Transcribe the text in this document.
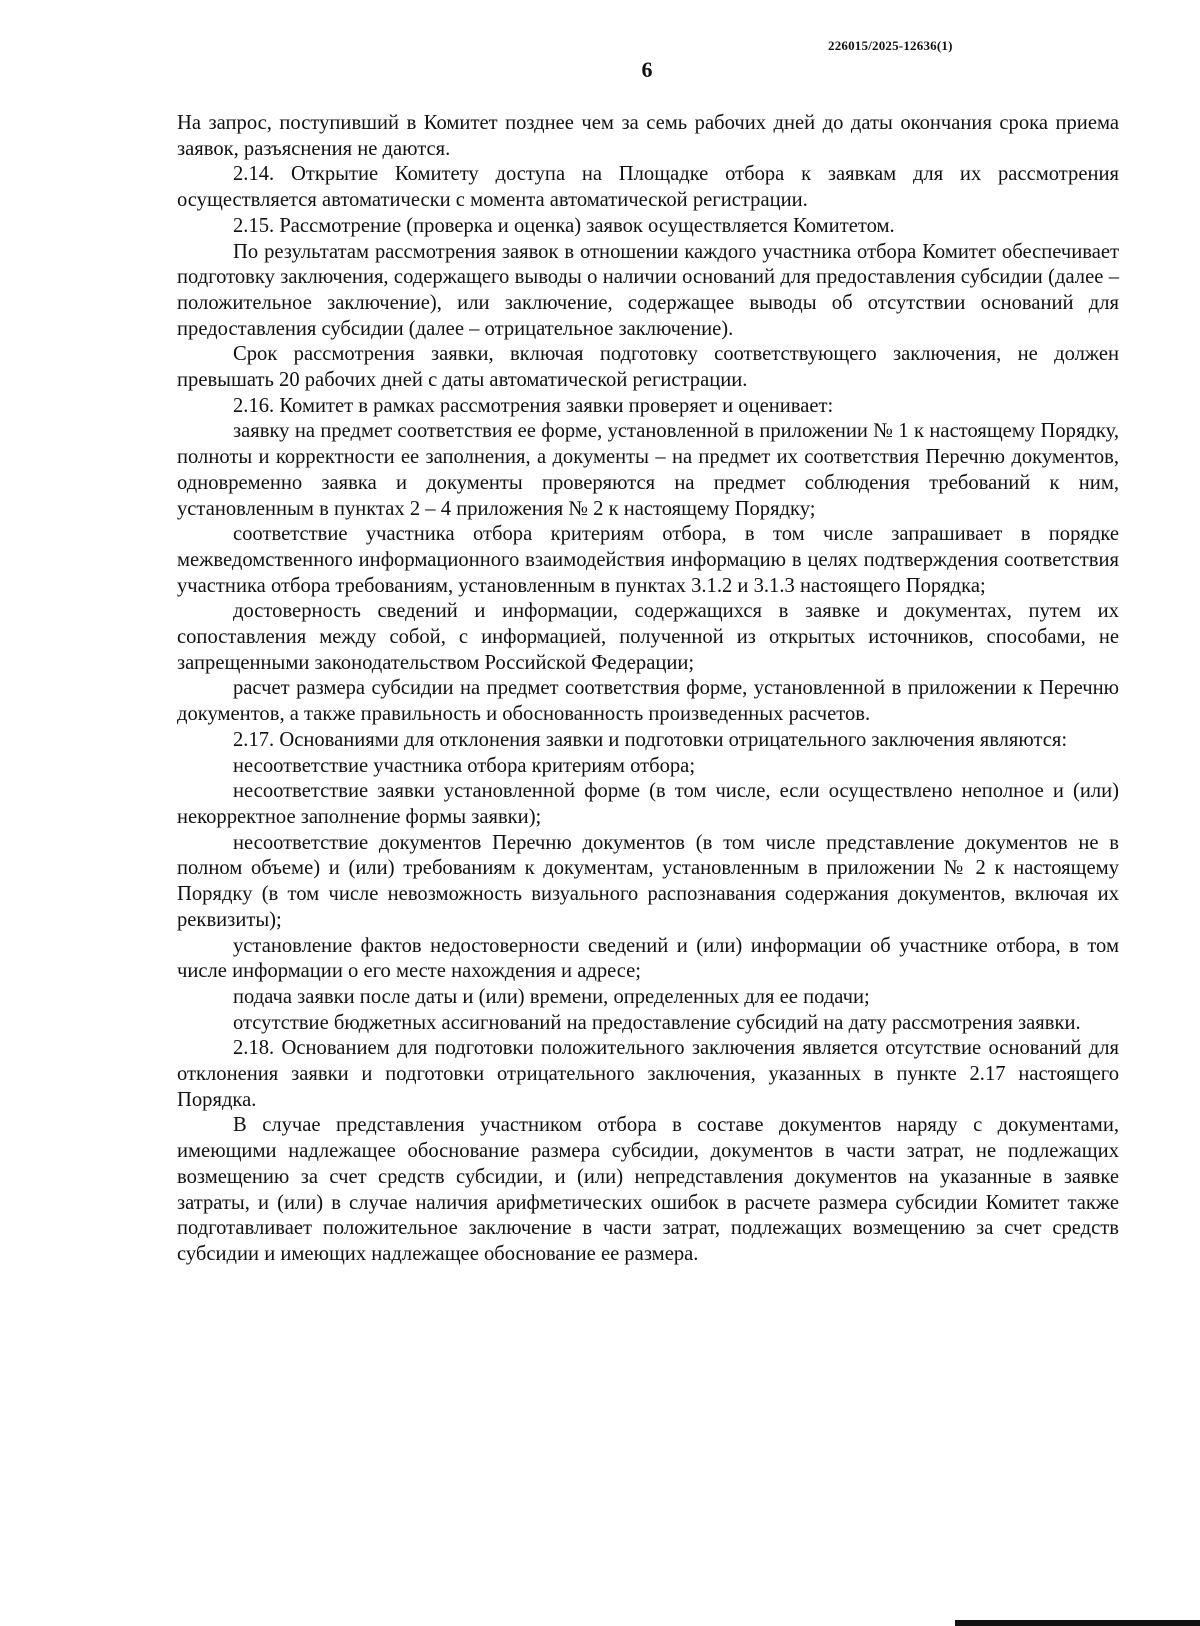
226015/2025-12636(1)
6

На запрос, поступивший в Комитет позднее чем за семь рабочих дней до даты окончания срока приема заявок, разъяснения не даются.

2.14. Открытие Комитету доступа на Площадке отбора к заявкам для их рассмотрения осуществляется автоматически с момента автоматической регистрации.

2.15. Рассмотрение (проверка и оценка) заявок осуществляется Комитетом.

По результатам рассмотрения заявок в отношении каждого участника отбора Комитет обеспечивает подготовку заключения, содержащего выводы о наличии оснований для предоставления субсидии (далее – положительное заключение), или заключение, содержащее выводы об отсутствии оснований для предоставления субсидии (далее – отрицательное заключение).

Срок рассмотрения заявки, включая подготовку соответствующего заключения, не должен превышать 20 рабочих дней с даты автоматической регистрации.

2.16. Комитет в рамках рассмотрения заявки проверяет и оценивает:

заявку на предмет соответствия ее форме, установленной в приложении № 1 к настоящему Порядку, полноты и корректности ее заполнения, а документы – на предмет их соответствия Перечню документов, одновременно заявка и документы проверяются на предмет соблюдения требований к ним, установленным в пунктах 2 – 4 приложения № 2 к настоящему Порядку;

соответствие участника отбора критериям отбора, в том числе запрашивает в порядке межведомственного информационного взаимодействия информацию в целях подтверждения соответствия участника отбора требованиям, установленным в пунктах 3.1.2 и 3.1.3 настоящего Порядка;

достоверность сведений и информации, содержащихся в заявке и документах, путем их сопоставления между собой, с информацией, полученной из открытых источников, способами, не запрещенными законодательством Российской Федерации;

расчет размера субсидии на предмет соответствия форме, установленной в приложении к Перечню документов, а также правильность и обоснованность произведенных расчетов.

2.17. Основаниями для отклонения заявки и подготовки отрицательного заключения являются:

несоответствие участника отбора критериям отбора;

несоответствие заявки установленной форме (в том числе, если осуществлено неполное и (или) некорректное заполнение формы заявки);

несоответствие документов Перечню документов (в том числе представление документов не в полном объеме) и (или) требованиям к документам, установленным в приложении № 2 к настоящему Порядку (в том числе невозможность визуального распознавания содержания документов, включая их реквизиты);

установление фактов недостоверности сведений и (или) информации об участнике отбора, в том числе информации о его месте нахождения и адресе;

подача заявки после даты и (или) времени, определенных для ее подачи;

отсутствие бюджетных ассигнований на предоставление субсидий на дату рассмотрения заявки.

2.18. Основанием для подготовки положительного заключения является отсутствие оснований для отклонения заявки и подготовки отрицательного заключения, указанных в пункте 2.17 настоящего Порядка.

В случае представления участником отбора в составе документов наряду с документами, имеющими надлежащее обоснование размера субсидии, документов в части затрат, не подлежащих возмещению за счет средств субсидии, и (или) непредставления документов на указанные в заявке затраты, и (или) в случае наличия арифметических ошибок в расчете размера субсидии Комитет также подготавливает положительное заключение в части затрат, подлежащих возмещению за счет средств субсидии и имеющих надлежащее обоснование ее размера.
